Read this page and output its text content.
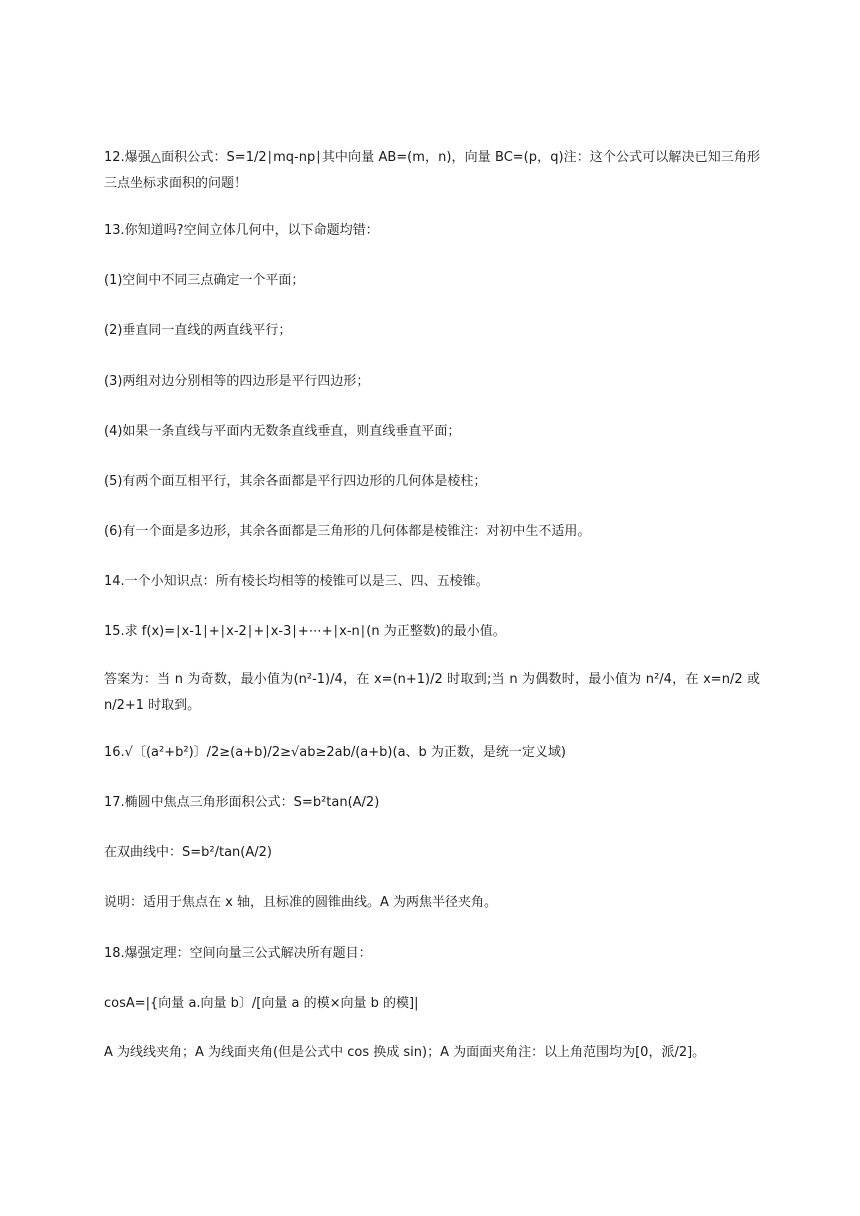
12.爆强△面积公式：S=1/2∣mq-np∣其中向量 AB=(m，n)，向量 BC=(p，q)注：这个公式可以解决已知三角形三点坐标求面积的问题！

13.你知道吗?空间立体几何中，以下命题均错：

(1)空间中不同三点确定一个平面；

(2)垂直同一直线的两直线平行；

(3)两组对边分别相等的四边形是平行四边形；

(4)如果一条直线与平面内无数条直线垂直，则直线垂直平面；

(5)有两个面互相平行，其余各面都是平行四边形的几何体是棱柱；

(6)有一个面是多边形，其余各面都是三角形的几何体都是棱锥注：对初中生不适用。

14.一个小知识点：所有棱长均相等的棱锥可以是三、四、五棱锥。

15.求 f(x)=∣x-1∣+∣x-2∣+∣x-3∣+⋯+∣x-n∣(n 为正整数)的最小值。

答案为：当 n 为奇数，最小值为(n²-1)/4，在 x=(n+1)/2 时取到;当 n 为偶数时，最小值为 n²/4，在 x=n/2 或 n/2+1 时取到。

16.√〔(a²+b²)〕/2≥(a+b)/2≥√ab≥2ab/(a+b)(a、b 为正数，是统一定义域)

17.椭圆中焦点三角形面积公式：S=b²tan(A/2)

在双曲线中：S=b²/tan(A/2)

说明：适用于焦点在 x 轴，且标准的圆锥曲线。A 为两焦半径夹角。

18.爆强定理：空间向量三公式解决所有题目：

cosA=|{向量 a.向量 b〕/[向量 a 的模×向量 b 的模]|

A 为线线夹角；A 为线面夹角(但是公式中 cos 换成 sin)；A 为面面夹角注：以上角范围均为[0，派/2]。
